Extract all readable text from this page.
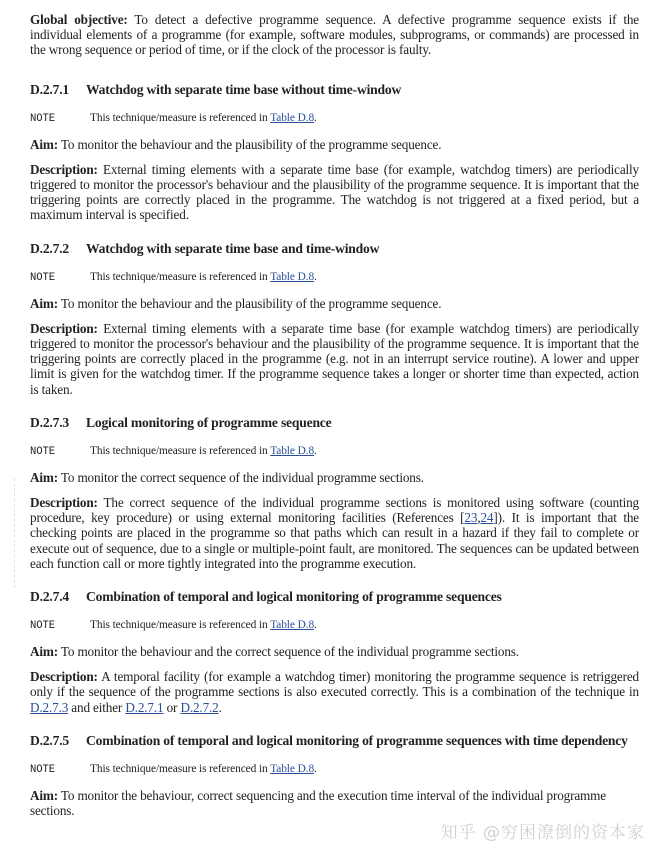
Global objective: To detect a defective programme sequence. A defective programme sequence exists if the individual elements of a programme (for example, software modules, subprograms, or commands) are processed in the wrong sequence or period of time, or if the clock of the processor is faulty.

D.2.7.1 Watchdog with separate time base without time-window

NOTE	This technique/measure is referenced in Table D.8.

Aim: To monitor the behaviour and the plausibility of the programme sequence.

Description: External timing elements with a separate time base (for example, watchdog timers) are periodically triggered to monitor the processor's behaviour and the plausibility of the programme sequence. It is important that the triggering points are correctly placed in the programme. The watchdog is not triggered at a fixed period, but a maximum interval is specified.

D.2.7.2 Watchdog with separate time base and time-window

NOTE	This technique/measure is referenced in Table D.8.

Aim: To monitor the behaviour and the plausibility of the programme sequence.

Description: External timing elements with a separate time base (for example watchdog timers) are periodically triggered to monitor the processor's behaviour and the plausibility of the programme sequence. It is important that the triggering points are correctly placed in the programme (e.g. not in an interrupt service routine). A lower and upper limit is given for the watchdog timer. If the programme sequence takes a longer or shorter time than expected, action is taken.

D.2.7.3 Logical monitoring of programme sequence

NOTE	This technique/measure is referenced in Table D.8.

Aim: To monitor the correct sequence of the individual programme sections.

Description: The correct sequence of the individual programme sections is monitored using software (counting procedure, key procedure) or using external monitoring facilities (References [23,24]). It is important that the checking points are placed in the programme so that paths which can result in a hazard if they fail to complete or execute out of sequence, due to a single or multiple-point fault, are monitored. The sequences can be updated between each function call or more tightly integrated into the programme execution.

D.2.7.4 Combination of temporal and logical monitoring of programme sequences

NOTE	This technique/measure is referenced in Table D.8.

Aim: To monitor the behaviour and the correct sequence of the individual programme sections.

Description: A temporal facility (for example a watchdog timer) monitoring the programme sequence is retriggered only if the sequence of the programme sections is also executed correctly. This is a combination of the technique in D.2.7.3 and either D.2.7.1 or D.2.7.2.

D.2.7.5 Combination of temporal and logical monitoring of programme sequences with time dependency

NOTE	This technique/measure is referenced in Table D.8.

Aim: To monitor the behaviour, correct sequencing and the execution time interval of the individual programme sections.

知乎 @穷困潦倒的资本家
